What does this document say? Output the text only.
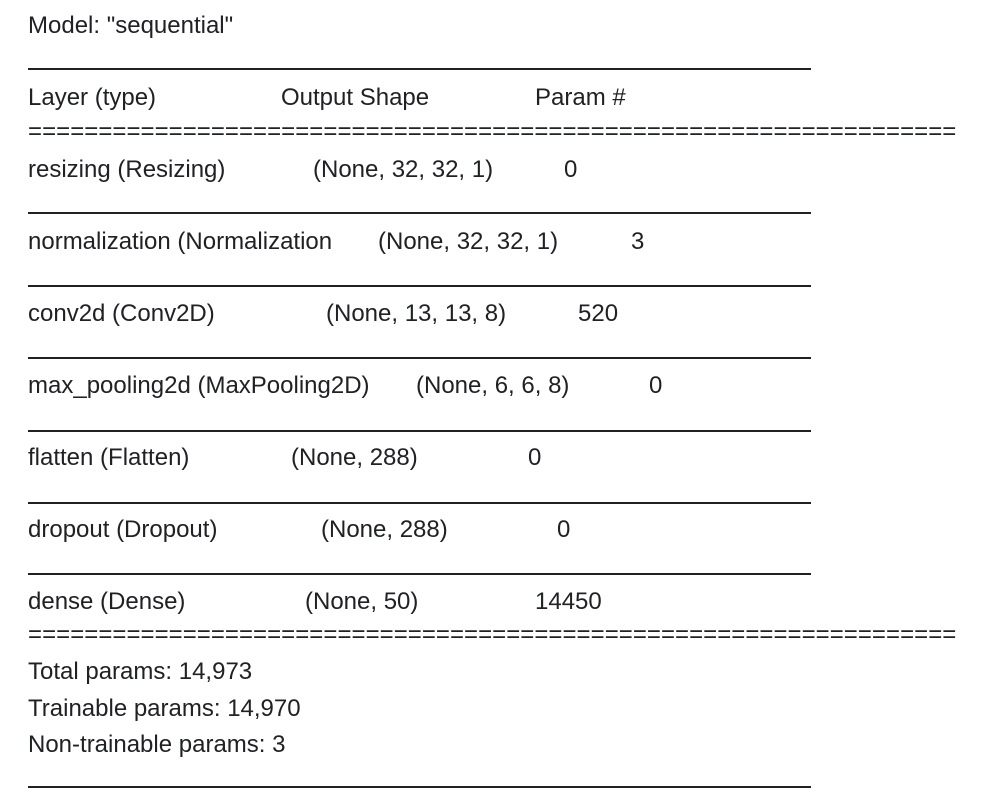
Model: "sequential"

Layer (type)	Output Shape	Param #
==================================================================
resizing (Resizing)	(None, 32, 32, 1)	0
normalization (Normalization (None, 32, 32, 1)	3
conv2d (Conv2D)	(None, 13, 13, 8)	520
max_pooling2d (MaxPooling2D) (None, 6, 6, 8)	0
flatten (Flatten)	(None, 288)	0
dropout (Dropout)	(None, 288)	0
dense (Dense)	(None, 50)	14450
==================================================================
Total params: 14,973
Trainable params: 14,970
Non-trainable params: 3
